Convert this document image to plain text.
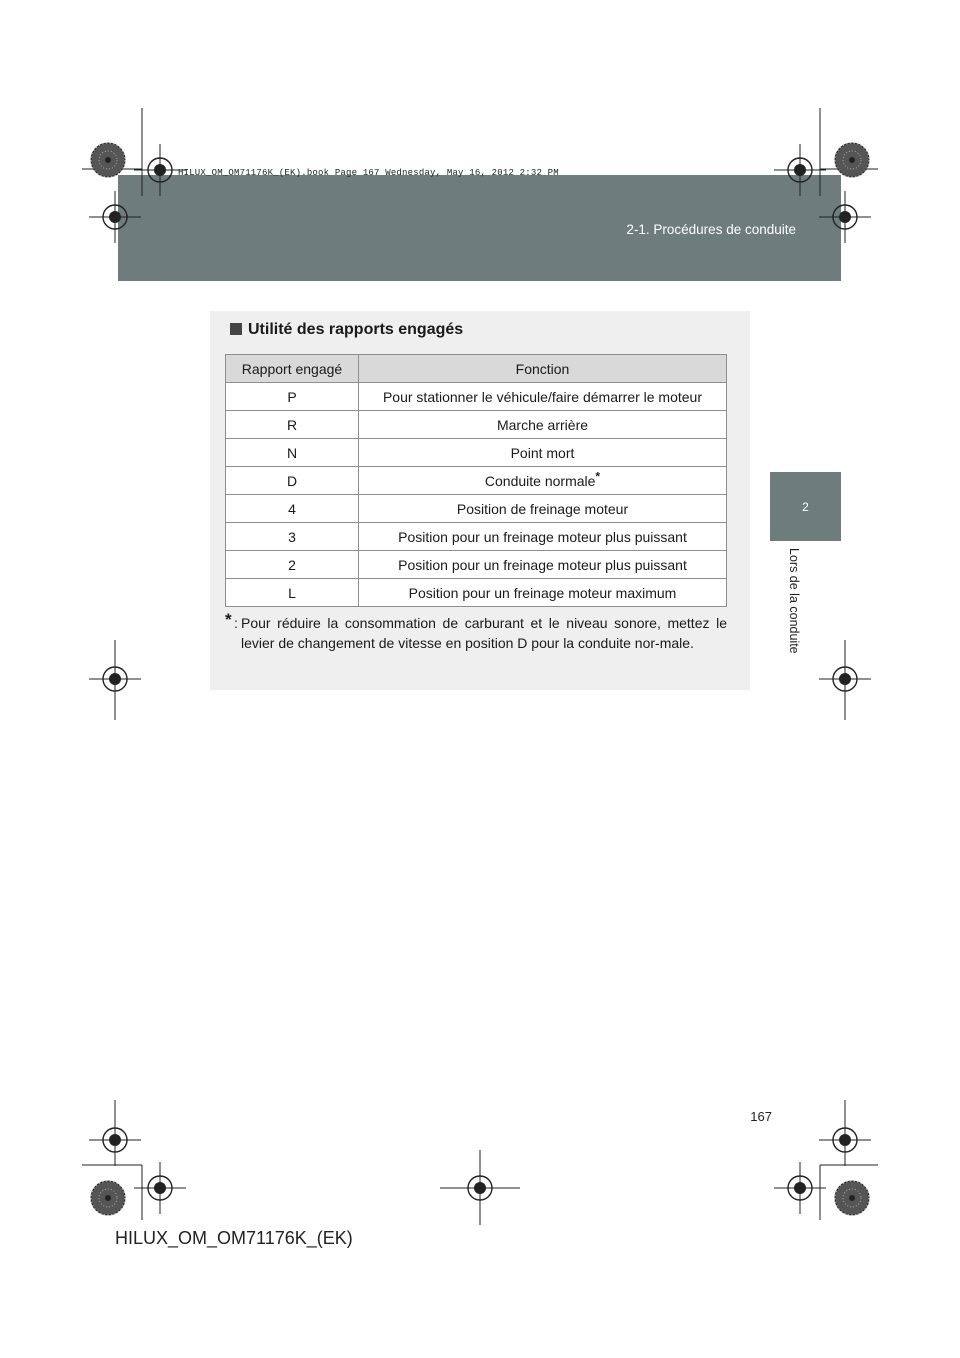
HILUX_OM_OM71176K_(EK).book Page 167 Wednesday, May 16, 2012 2:32 PM
2-1. Procédures de conduite
2
Lors de la conduite
Utilité des rapports engagés
Rapport engagé	Fonction
P	Pour stationner le véhicule/faire démarrer le moteur
R	Marche arrière
N	Point mort
D	Conduite normale*
4	Position de freinage moteur
3	Position pour un freinage moteur plus puissant
2	Position pour un freinage moteur plus puissant
L	Position pour un freinage moteur maximum
* : Pour réduire la consommation de carburant et le niveau sonore, mettez le levier de changement de vitesse en position D pour la conduite nor-male.
167
HILUX_OM_OM71176K_(EK)
